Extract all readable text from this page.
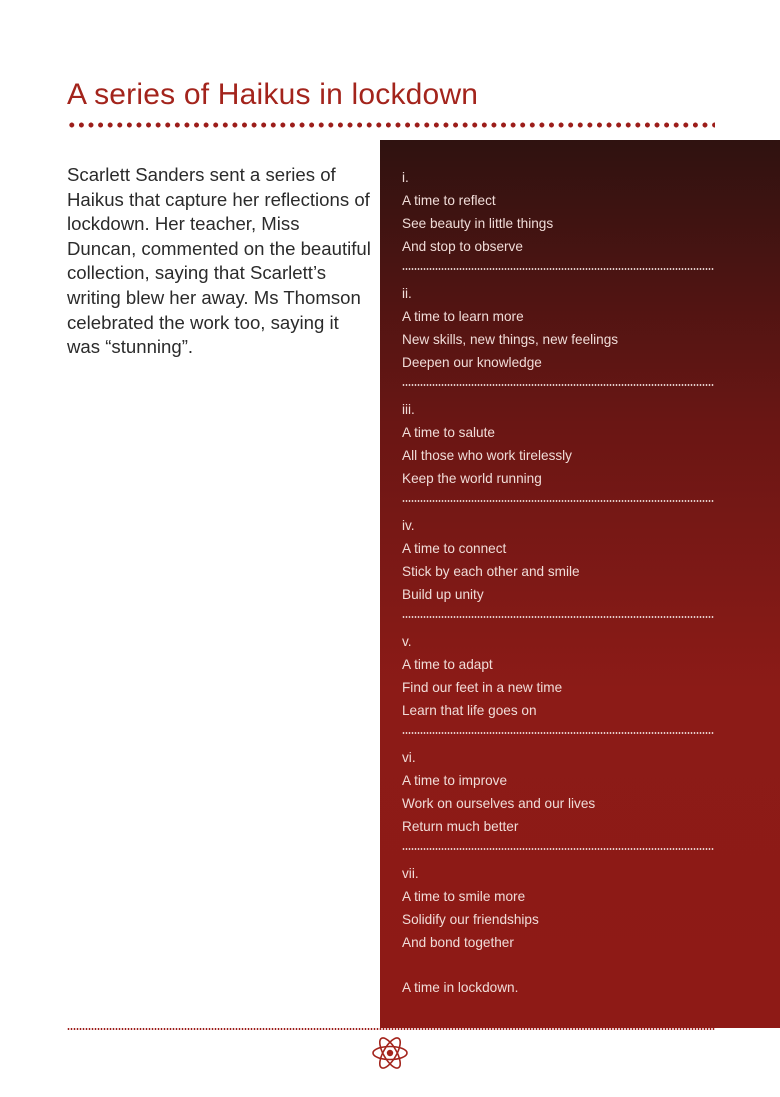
A series of Haikus in lockdown

Scarlett Sanders sent a series of Haikus that capture her reflections of lockdown. Her teacher, Miss Duncan, commented on the beautiful collection, saying that Scarlett’s writing blew her away. Ms Thomson celebrated the work too, saying it was “stunning”.

i.
A time to reflect
See beauty in little things
And stop to observe
ii.
A time to learn more
New skills, new things, new feelings
Deepen our knowledge
iii.
A time to salute
All those who work tirelessly
Keep the world running
iv.
A time to connect
Stick by each other and smile
Build up unity
v.
A time to adapt
Find our feet in a new time
Learn that life goes on
vi.
A time to improve
Work on ourselves and our lives
Return much better
vii.
A time to smile more
Solidify our friendships
And bond together
A time in lockdown.
